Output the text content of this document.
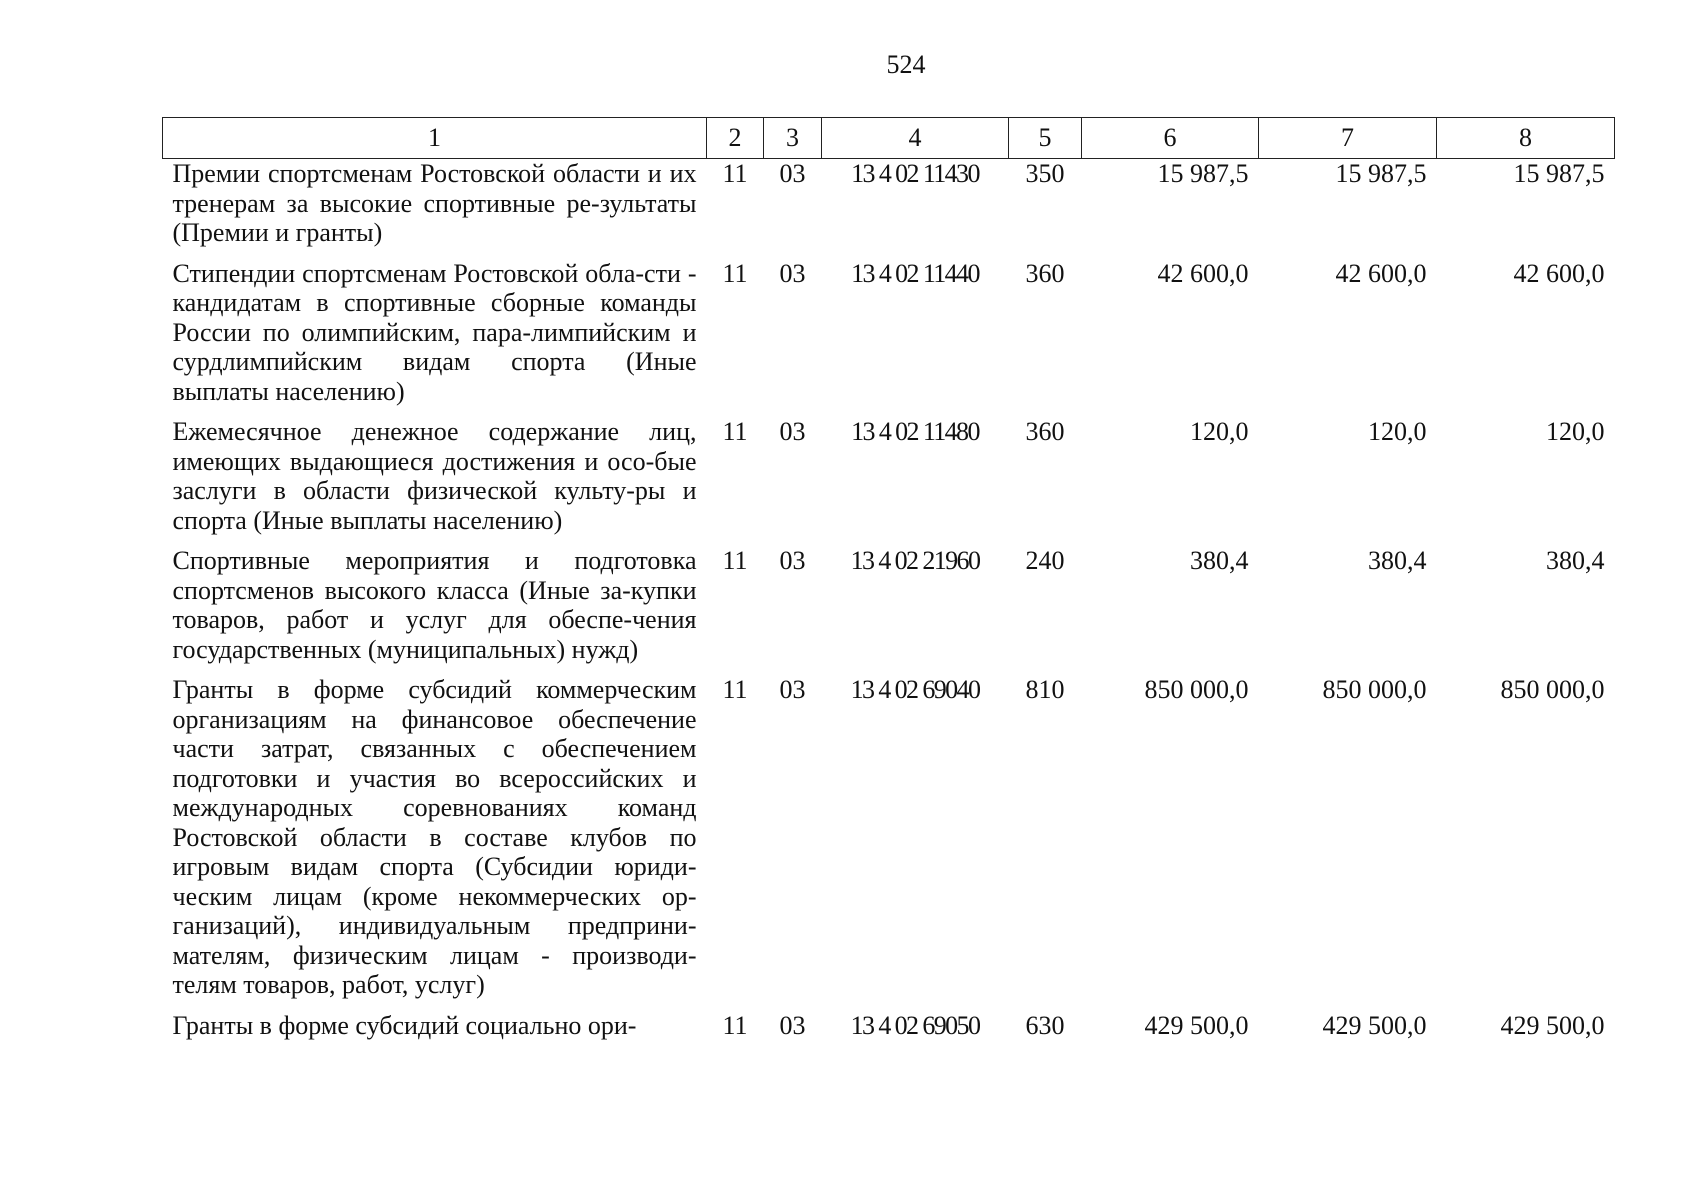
524
1	2	3	4	5	6	7	8
Премии спортсменам Ростовской области и их тренерам за высокие спортивные ре-зультаты (Премии и гранты)	11	03	13 4 02 11430	350	15 987,5	15 987,5	15 987,5
Стипендии спортсменам Ростовской обла-сти - кандидатам в спортивные сборные команды России по олимпийским, пара-лимпийским и сурдлимпийским видам спорта (Иные выплаты населению)	11	03	13 4 02 11440	360	42 600,0	42 600,0	42 600,0
Ежемесячное денежное содержание лиц, имеющих выдающиеся достижения и осо-бые заслуги в области физической культу-ры и спорта (Иные выплаты населению)	11	03	13 4 02 11480	360	120,0	120,0	120,0
Спортивные мероприятия и подготовка спортсменов высокого класса (Иные за-купки товаров, работ и услуг для обеспе-чения государственных (муниципальных) нужд)	11	03	13 4 02 21960	240	380,4	380,4	380,4
Гранты в форме субсидий коммерческим организациям на финансовое обеспечение части затрат, связанных с обеспечением подготовки и участия во всероссийских и международных соревнованиях команд Ростовской области в составе клубов по игровым видам спорта (Субсидии юриди-ческим лицам (кроме некоммерческих ор-ганизаций), индивидуальным предприни-мателям, физическим лицам - производи-телям товаров, работ, услуг)	11	03	13 4 02 69040	810	850 000,0	850 000,0	850 000,0
Гранты в форме субсидий социально ори-	11	03	13 4 02 69050	630	429 500,0	429 500,0	429 500,0
